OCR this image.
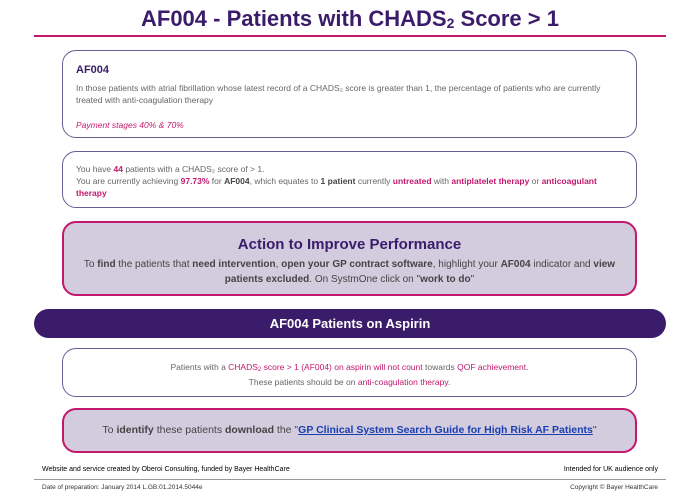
AF004 - Patients with $CHADS_2$ Score > 1
AF004
In those patients with atrial fibrillation whose latest record of a CHADS₂ score is greater than 1, the percentage of patients who are currently treated with anti-coagulation therapy
Payment stages 40% & 70%
You have 44 patients with a CHADS₂ score of > 1.
You are currently achieving 97.73% for AF004, which equates to 1 patient currently untreated with antiplatelet therapy or anticoagulant therapy
Action to Improve Performance
To find the patients that need intervention, open your GP contract software, highlight your AF004 indicator and view patients excluded. On SystmOne click on "work to do"
AF004 Patients on Aspirin
Patients with a $CHADS_2$ score > 1 (AF004) on aspirin will not count towards QOF achievement.
These patients should be on anti-coagulation therapy.
To identify these patients download the "GP Clinical System Search Guide for High Risk AF Patients"
Website and service created by Oberoi Consulting, funded by Bayer HealthCare	Intended for UK audience only
Date of preparation: January 2014 L.GB.01.2014.5044e	Copyright © Bayer HealthCare
